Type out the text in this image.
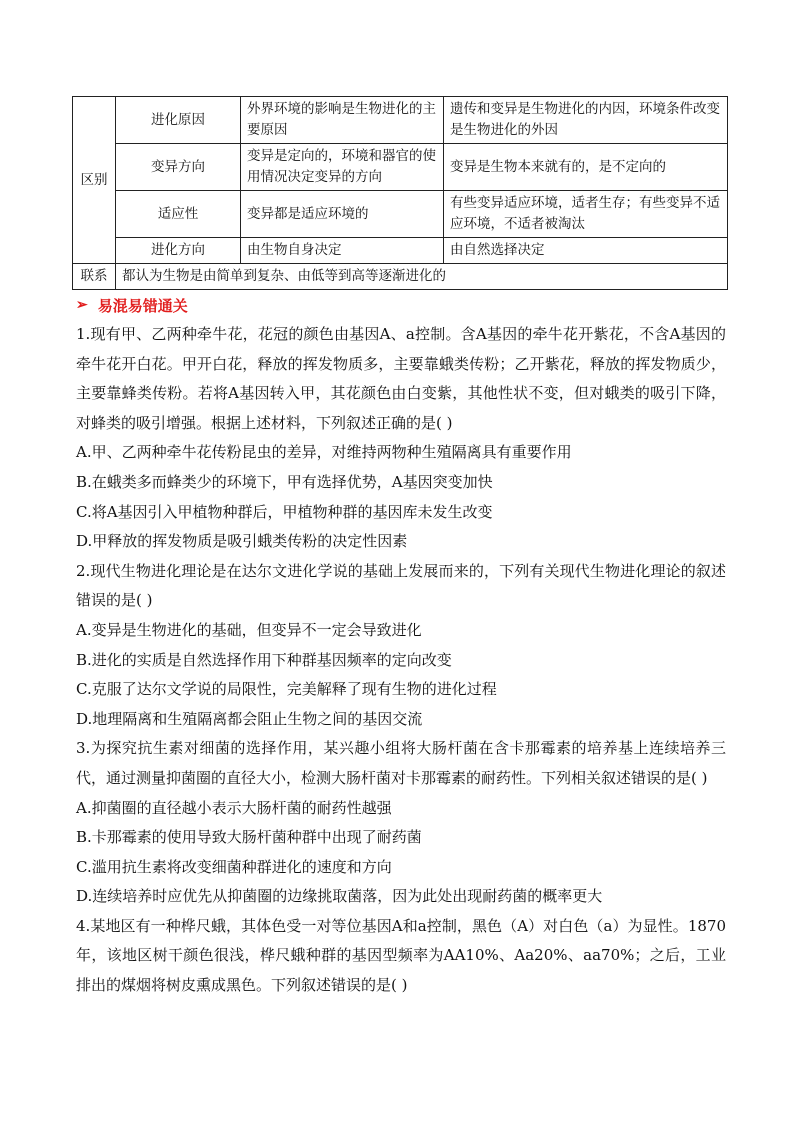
区别	进化原因	外界环境的影响是生物进化的主要原因	遗传和变异是生物进化的内因，环境条件改变是生物进化的外因
	变异方向	变异是定向的，环境和器官的使用情况决定变异的方向	变异是生物本来就有的，是不定向的
	适应性	变异都是适应环境的	有些变异适应环境，适者生存；有些变异不适应环境，不适者被淘汰
	进化方向	由生物自身决定	由自然选择决定
联系	都认为生物是由简单到复杂、由低等到高等逐渐进化的		
➢ 易混易错通关

1.现有甲、乙两种牵牛花，花冠的颜色由基因A、a控制。含A基因的牵牛花开紫花，不含A基因的牵牛花开白花。甲开白花，释放的挥发物质多，主要靠蛾类传粉；乙开紫花，释放的挥发物质少，主要靠蜂类传粉。若将A基因转入甲，其花颜色由白变紫，其他性状不变，但对蛾类的吸引下降，对蜂类的吸引增强。根据上述材料，下列叙述正确的是( )

A.甲、乙两种牵牛花传粉昆虫的差异，对维持两物种生殖隔离具有重要作用

B.在蛾类多而蜂类少的环境下，甲有选择优势，A基因突变加快

C.将A基因引入甲植物种群后，甲植物种群的基因库未发生改变

D.甲释放的挥发物质是吸引蛾类传粉的决定性因素

2.现代生物进化理论是在达尔文进化学说的基础上发展而来的，下列有关现代生物进化理论的叙述错误的是( )

A.变异是生物进化的基础，但变异不一定会导致进化

B.进化的实质是自然选择作用下种群基因频率的定向改变

C.克服了达尔文学说的局限性，完美解释了现有生物的进化过程

D.地理隔离和生殖隔离都会阻止生物之间的基因交流

3.为探究抗生素对细菌的选择作用，某兴趣小组将大肠杆菌在含卡那霉素的培养基上连续培养三代，通过测量抑菌圈的直径大小，检测大肠杆菌对卡那霉素的耐药性。下列相关叙述错误的是( )

A.抑菌圈的直径越小表示大肠杆菌的耐药性越强

B.卡那霉素的使用导致大肠杆菌种群中出现了耐药菌

C.滥用抗生素将改变细菌种群进化的速度和方向

D.连续培养时应优先从抑菌圈的边缘挑取菌落，因为此处出现耐药菌的概率更大

4.某地区有一种桦尺蛾，其体色受一对等位基因A和a控制，黑色（A）对白色（a）为显性。1870年，该地区树干颜色很浅，桦尺蛾种群的基因型频率为AA10%、Aa20%、aa70%；之后，工业排出的煤烟将树皮熏成黑色。下列叙述错误的是( )
